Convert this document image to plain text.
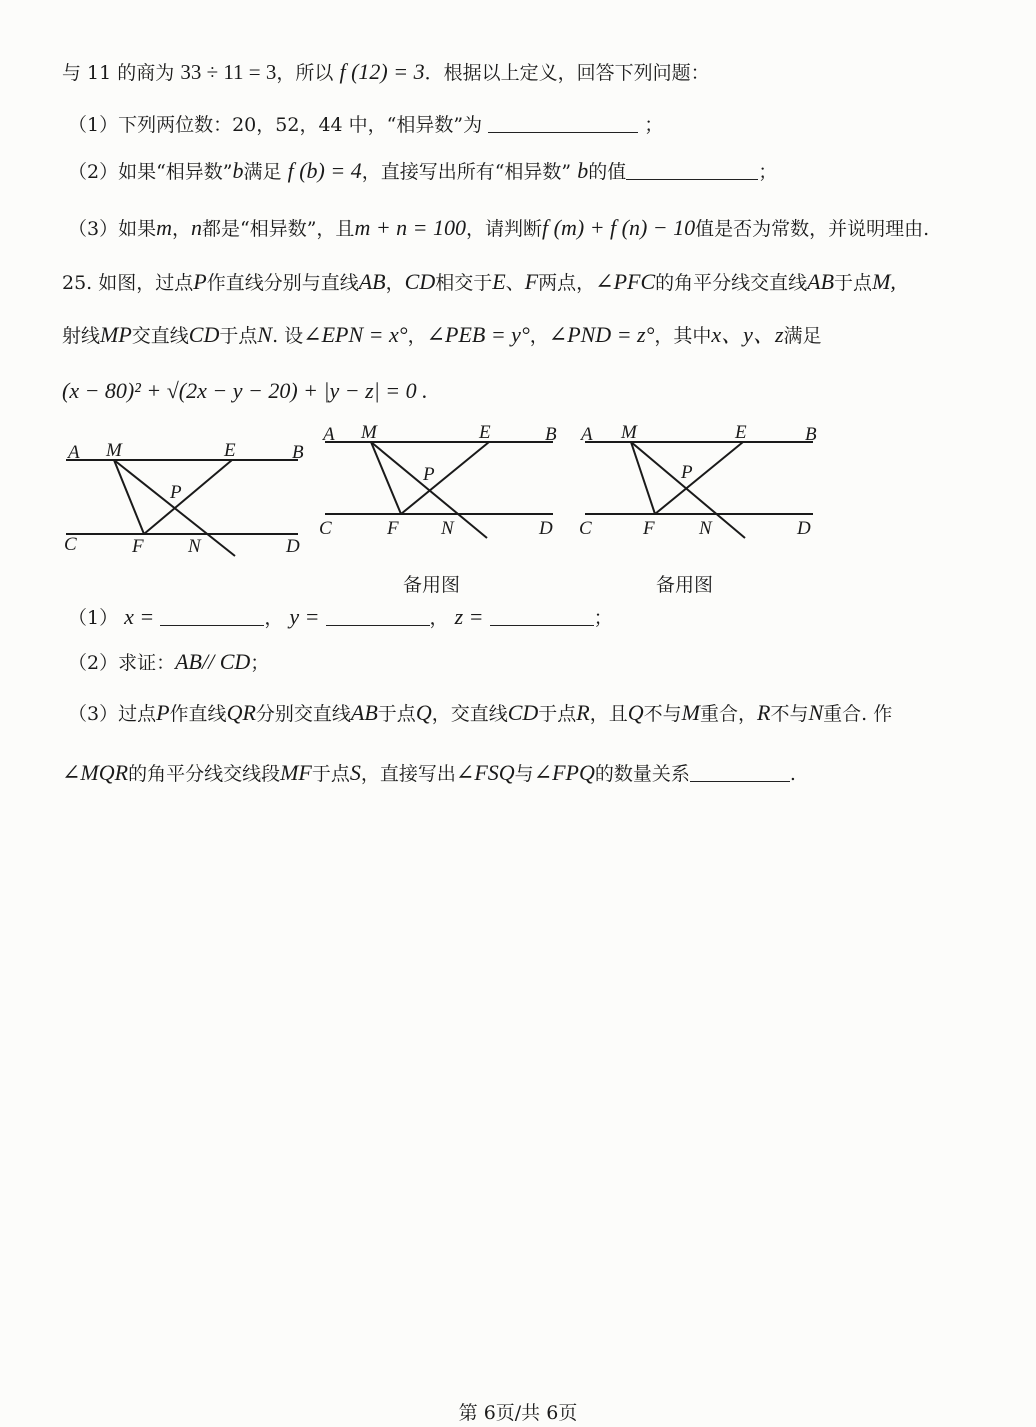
与 11 的商为 33 ÷ 11 = 3，所以 f (12) = 3．根据以上定义，回答下列问题：
（1）下列两位数：20，52，44 中，“相异数”为	；
（2）如果“相异数”b满足 f (b) = 4，直接写出所有“相异数” b的值	；
（3）如果m，n都是“相异数”，且m + n = 100，请判断f (m) + f (n) − 10值是否为常数，并说明理由.
25. 如图，过点P作直线分别与直线AB，CD相交于E、F两点，∠PFC的角平分线交直线AB于点M,
射线MP交直线CD于点N. 设∠EPN = x°，∠PEB = y°，∠PND = z°，其中x、y、z满足
(x − 80)² + √(2x − y − 20) + |y − z| = 0 .
A M	E	B
P
C	F N	D
A M	E	B
P
C	F N	D
A M	E	B
P
C	F N	D
备用图	备用图
（1） x =	， y =	， z =	；
（2）求证：AB// CD；
（3）过点P作直线QR分别交直线AB于点Q，交直线CD于点R，且Q不与M重合，R不与N重合. 作
∠MQR的角平分线交线段MF于点S，直接写出∠FSQ与∠FPQ的数量关系	.
第 6页/共 6页
